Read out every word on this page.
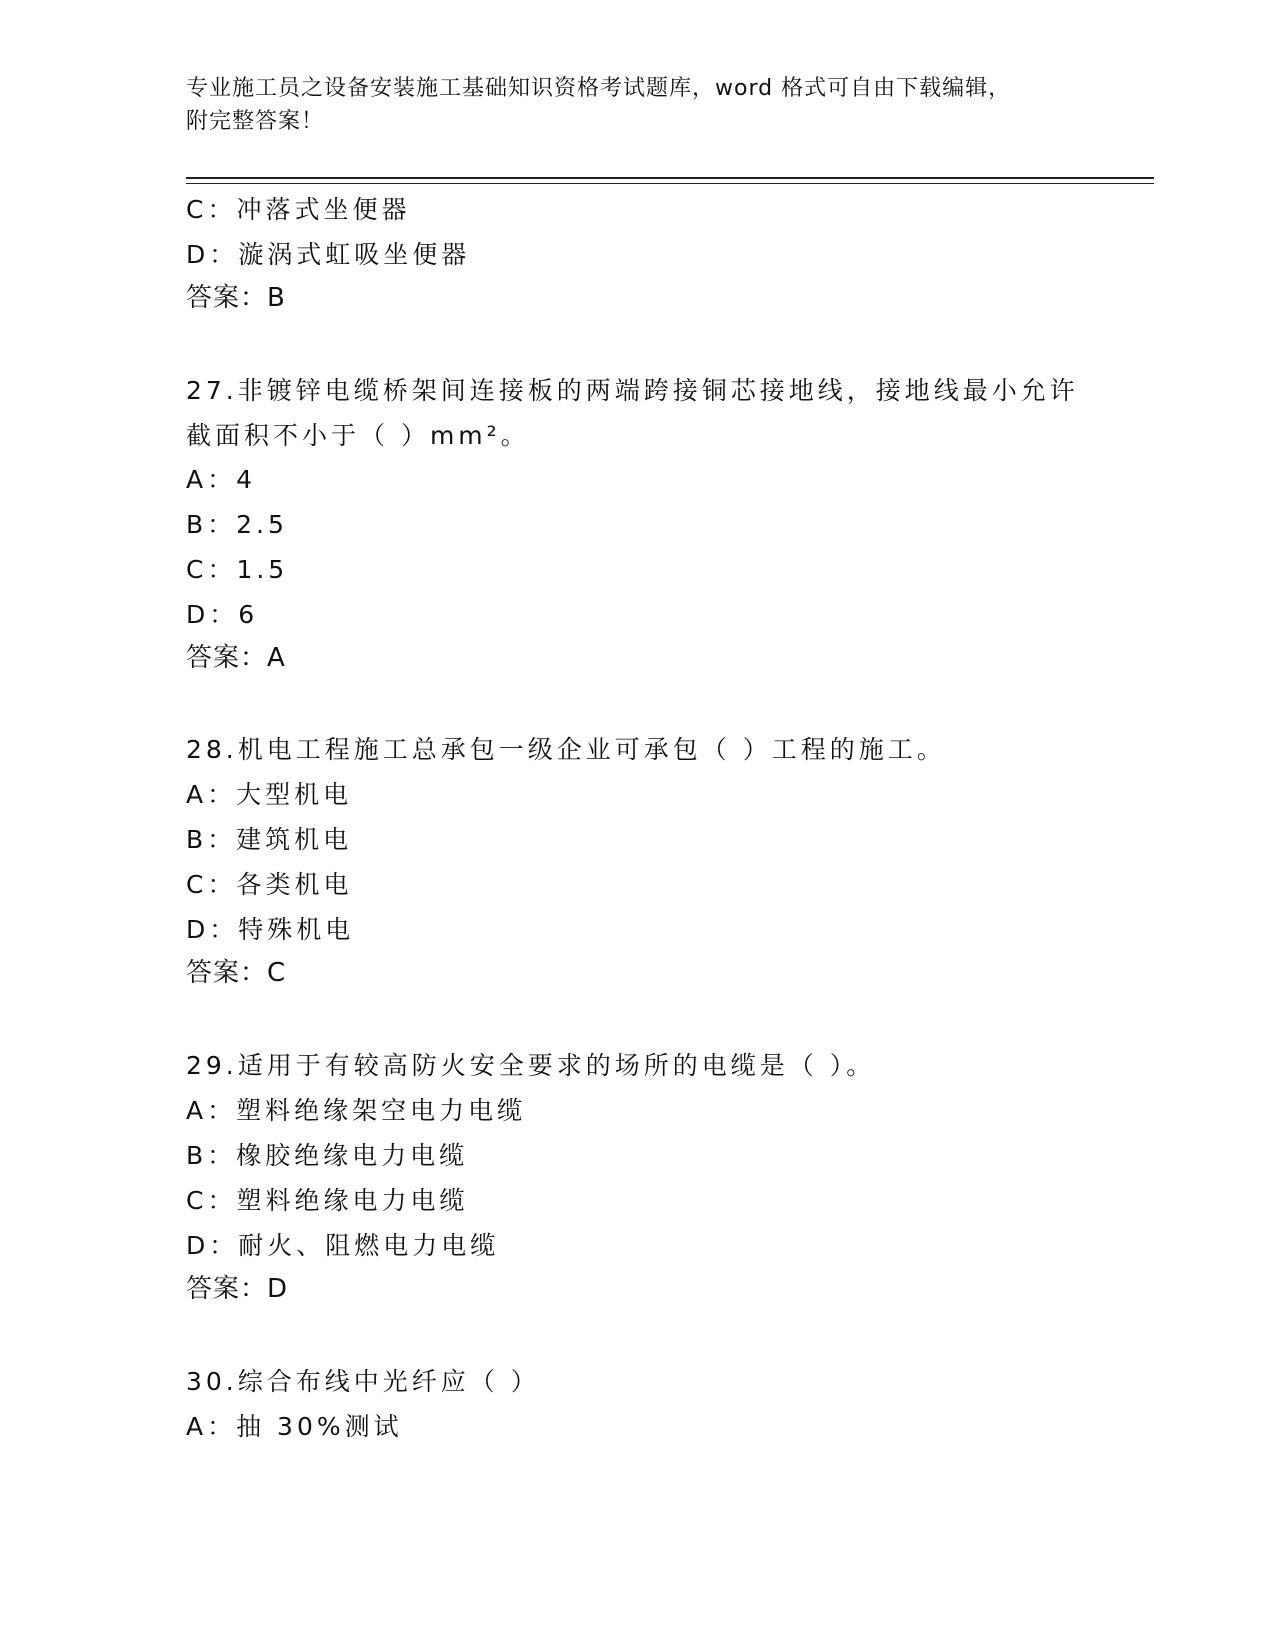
专业施工员之设备安装施工基础知识资格考试题库，word 格式可自由下载编辑，
附完整答案！
C：冲落式坐便器
D：漩涡式虹吸坐便器
答案：B
27.非镀锌电缆桥架间连接板的两端跨接铜芯接地线，接地线最小允许
截面积不小于（ ）mm²。
A：4
B：2.5
C：1.5
D：6
答案：A
28.机电工程施工总承包一级企业可承包（ ）工程的施工。
A：大型机电
B：建筑机电
C：各类机电
D：特殊机电
答案：C
29.适用于有较高防火安全要求的场所的电缆是（ ）。
A：塑料绝缘架空电力电缆
B：橡胶绝缘电力电缆
C：塑料绝缘电力电缆
D：耐火、阻燃电力电缆
答案：D
30.综合布线中光纤应（ ）
A：抽 30%测试
